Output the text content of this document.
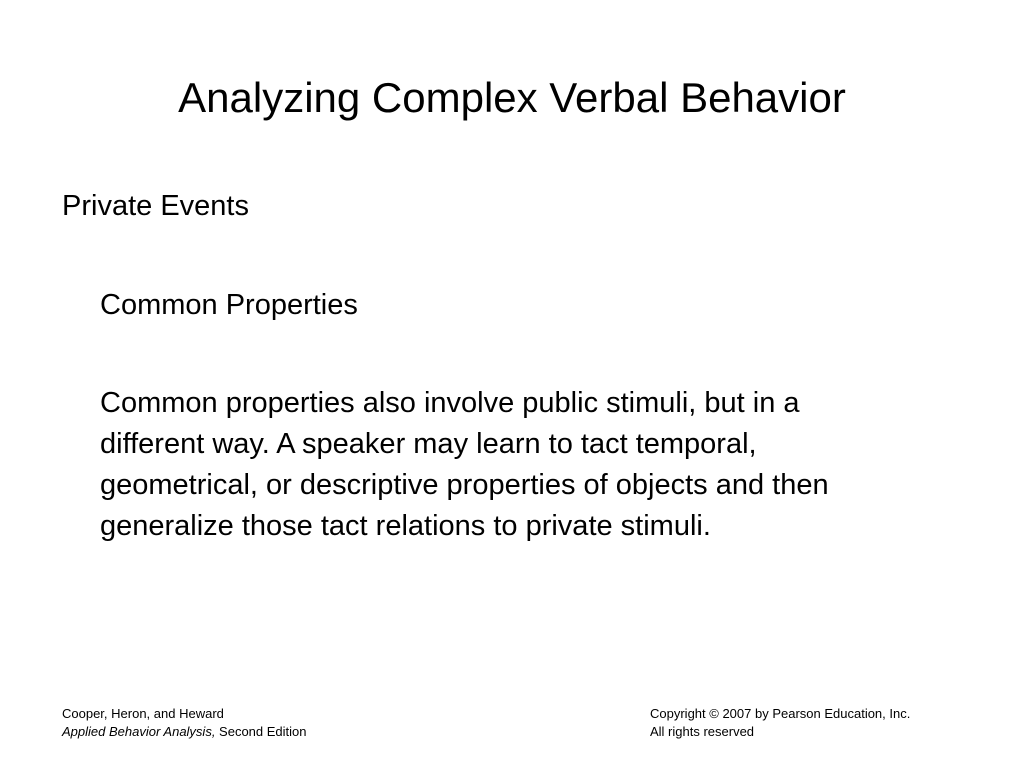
Analyzing Complex Verbal Behavior
Private Events
Common Properties
Common properties also involve public stimuli, but in a
different way. A speaker may learn to tact temporal,
geometrical, or descriptive properties of objects and then
generalize those tact relations to private stimuli.
Cooper, Heron, and Heward
Applied Behavior Analysis, Second Edition
Copyright © 2007 by Pearson Education, Inc.
All rights reserved
